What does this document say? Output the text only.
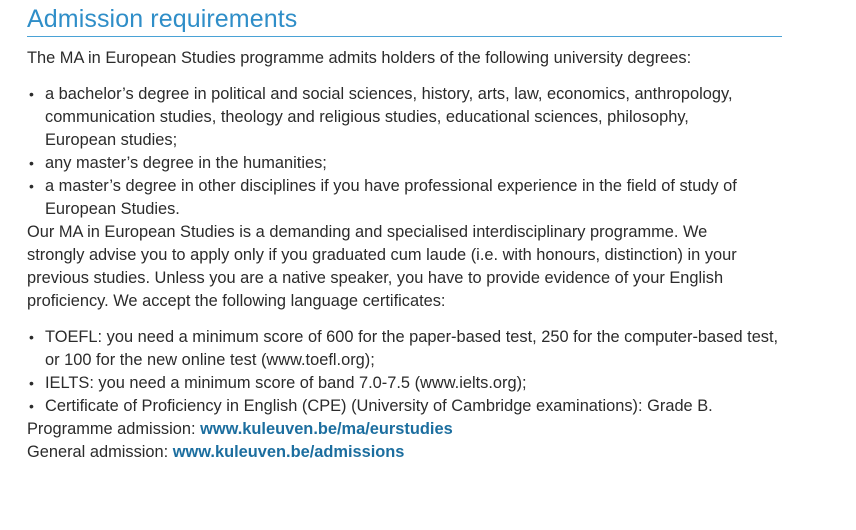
Admission requirements

The MA in European Studies programme admits holders of the following university degrees:

• a bachelor’s degree in political and social sciences, history, arts, law, economics, anthropology, communication studies, theology and religious studies, educational sciences, philosophy, European studies;
• any master’s degree in the humanities;
• a master’s degree in other disciplines if you have professional experience in the field of study of European Studies.

Our MA in European Studies is a demanding and specialised interdisciplinary programme. We strongly advise you to apply only if you graduated cum laude (i.e. with honours, distinction) in your previous studies. Unless you are a native speaker, you have to provide evidence of your English proficiency. We accept the following language certificates:

• TOEFL: you need a minimum score of 600 for the paper-based test, 250 for the computer-based test, or 100 for the new online test (www.toefl.org);
• IELTS: you need a minimum score of band 7.0-7.5 (www.ielts.org);
• Certificate of Proficiency in English (CPE) (University of Cambridge examinations): Grade B.
Programme admission: www.kuleuven.be/ma/eurstudies
General admission: www.kuleuven.be/admissions
